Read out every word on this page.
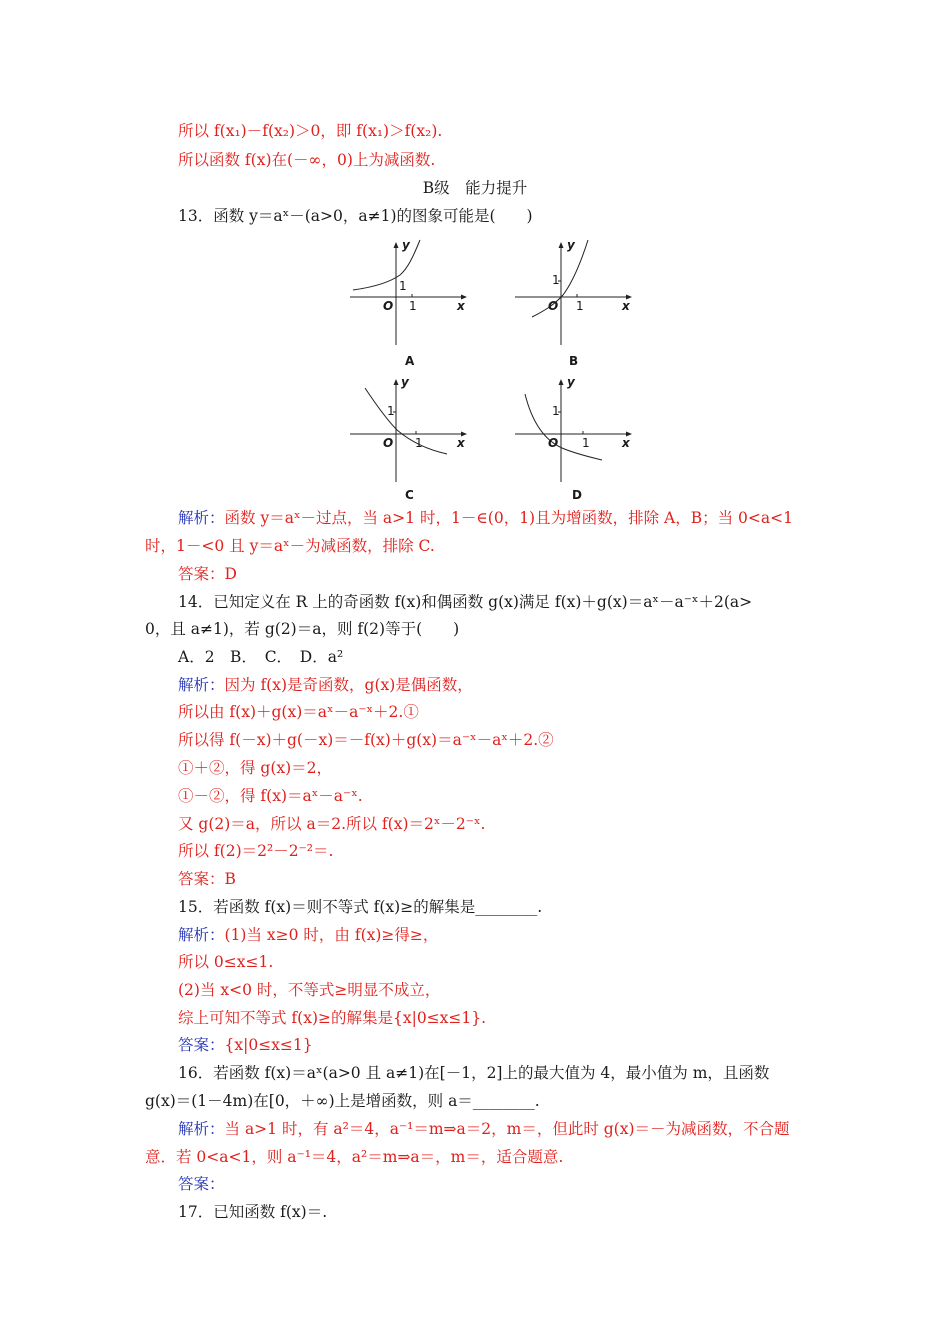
所以 f(x₁)－f(x₂)＞0，即 f(x₁)＞f(x₂).
所以函数 f(x)在(－∞，0)上为减函数.
B级　能力提升
13．函数 y＝aˣ－(a>0，a≠1)的图象可能是(　　)
y
x
O 1
1
A
y
x
O 1
1
B
y
x
O 1
1
C
y
x
O 1
1
D
解析：函数 y＝aˣ－过点，当 a>1 时，1－∈(0，1)且为增函数，排除 A，B；当 0<a<1
时，1－<0 且 y＝aˣ－为减函数，排除 C.
答案：D
14．已知定义在 R 上的奇函数 f(x)和偶函数 g(x)满足 f(x)＋g(x)＝aˣ－a⁻ˣ＋2(a>
0，且 a≠1)，若 g(2)＝a，则 f(2)等于(　　)
A．2　B．　C．　D．a²
解析：因为 f(x)是奇函数，g(x)是偶函数，
所以由 f(x)＋g(x)＝aˣ－a⁻ˣ＋2.①
所以得 f(－x)＋g(－x)＝－f(x)＋g(x)＝a⁻ˣ－aˣ＋2.②
①＋②，得 g(x)＝2，
①－②，得 f(x)＝aˣ－a⁻ˣ.
又 g(2)＝a，所以 a＝2.所以 f(x)＝2ˣ－2⁻ˣ.
所以 f(2)＝2²－2⁻²＝.
答案：B
15．若函数 f(x)＝则不等式 f(x)≥的解集是________.
解析：(1)当 x≥0 时，由 f(x)≥得≥，
所以 0≤x≤1.
(2)当 x<0 时，不等式≥明显不成立，
综上可知不等式 f(x)≥的解集是{x|0≤x≤1}.
答案：{x|0≤x≤1}
16．若函数 f(x)＝aˣ(a>0 且 a≠1)在[－1，2]上的最大值为 4，最小值为 m，且函数
g(x)＝(1－4m)在[0，＋∞)上是增函数，则 a＝________.
解析：当 a>1 时，有 a²＝4，a⁻¹＝m⇒a＝2，m＝，但此时 g(x)＝－为减函数，不合题
意．若 0<a<1，则 a⁻¹＝4，a²＝m⇒a＝，m＝，适合题意.
答案：
17．已知函数 f(x)＝.
